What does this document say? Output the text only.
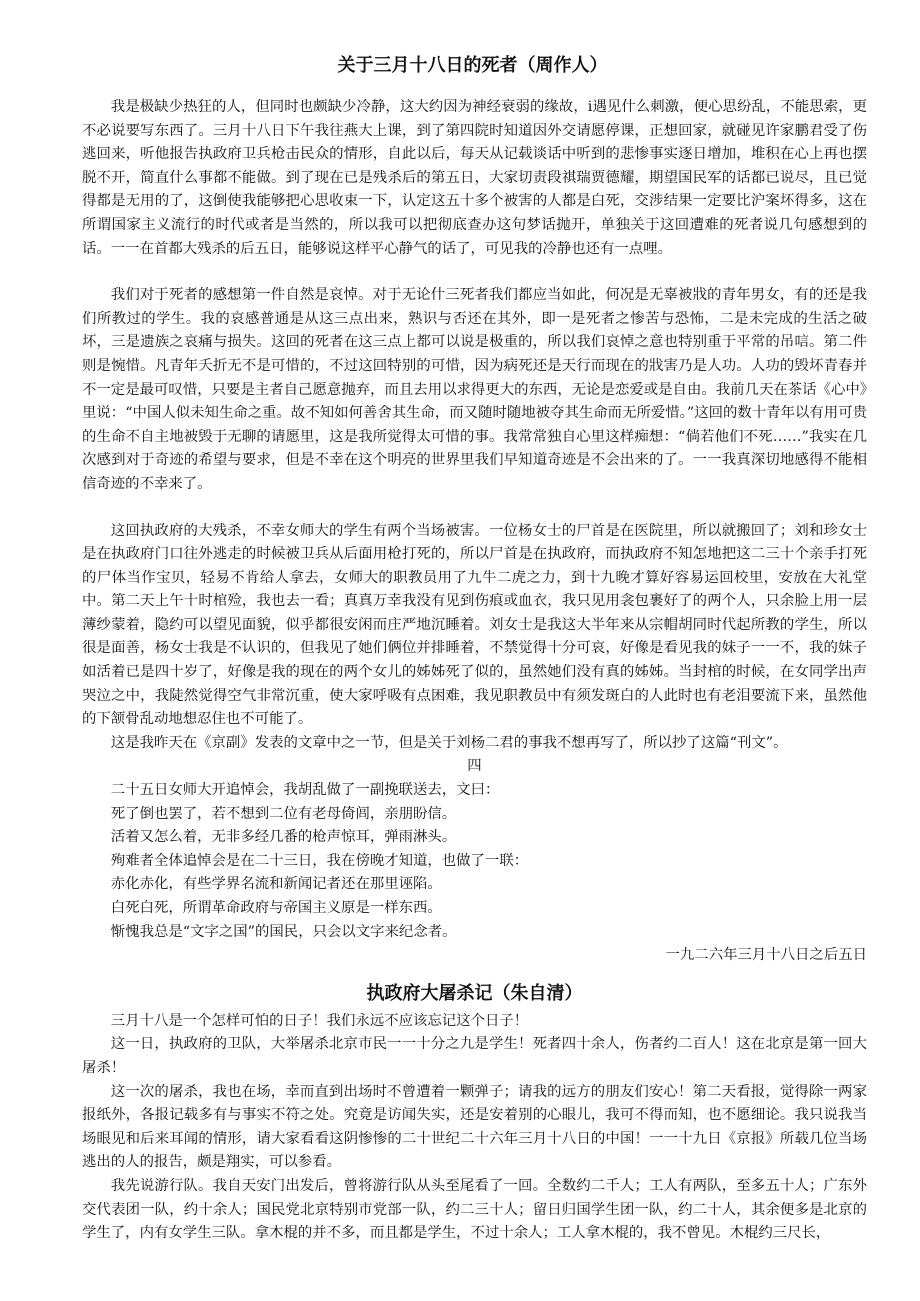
关于三月十八日的死者（周作人）

我是极缺少热狂的人，但同时也颇缺少冷静，这大约因为神经衰弱的缘故，i遇见什么刺激，便心思纷乱，不能思索，更不必说要写东西了。三月十八日下午我往燕大上课，到了第四院时知道因外交请愿停课，正想回家，就碰见许家鹏君受了伤逃回来，听他报告执政府卫兵枪击民众的情形，自此以后，每天从记载谈话中听到的悲惨事实逐日增加，堆积在心上再也摆脱不开，简直什么事都不能做。到了现在已是残杀后的第五日，大家切责段祺瑞贾德耀，期望国民军的话都已说尽，且已觉得都是无用的了，这倒使我能够把心思收束一下，认定这五十多个被害的人都是白死，交涉结果一定要比沪案坏得多，这在所谓国家主义流行的时代或者是当然的，所以我可以把彻底查办这句梦话抛开，单独关于这回遭难的死者说几句感想到的话。一一在首都大残杀的后五日，能够说这样平心静气的话了，可见我的冷静也还有一点哩。

我们对于死者的感想第一件自然是哀悼。对于无论什三死者我们都应当如此，何况是无辜被戕的青年男女，有的还是我们所教过的学生。我的哀感普通是从这三点出来，熟识与否还在其外，即一是死者之惨苦与恐怖，二是未完成的生活之破坏，三是遗族之哀痛与损失。这回的死者在这三点上都可以说是极重的，所以我们哀悼之意也特别重于平常的吊唁。第二件则是惋惜。凡青年夭折无不是可惜的，不过这回特别的可惜，因为病死还是天行而现在的戕害乃是人功。人功的毁坏青春并不一定是最可叹惜，只要是主者自己愿意抛弃，而且去用以求得更大的东西，无论是恋爱或是自由。我前几天在茶话《心中》里说：“中国人似未知生命之重。故不知如何善舍其生命，而又随时随地被夺其生命而无所爱惜。”这回的数十青年以有用可贵的生命不自主地被毁于无聊的请愿里，这是我所觉得太可惜的事。我常常独自心里这样痴想：“倘若他们不死……”我实在几次感到对于奇迹的希望与要求，但是不幸在这个明亮的世界里我们早知道奇迹是不会出来的了。一一我真深切地感得不能相信奇迹的不幸来了。

这回执政府的大残杀，不幸女师大的学生有两个当场被害。一位杨女士的尸首是在医院里，所以就搬回了；刘和珍女士是在执政府门口往外逃走的时候被卫兵从后面用枪打死的，所以尸首是在执政府，而执政府不知怎地把这二三十个亲手打死的尸体当作宝贝，轻易不肯给人拿去，女师大的职教员用了九牛二虎之力，到十九晚才算好容易运回校里，安放在大礼堂中。第二天上午十时棺殓，我也去一看；真真万幸我没有见到伤痕或血衣，我只见用衾包裹好了的两个人，只余脸上用一层薄纱蒙着，隐约可以望见面貌，似乎都很安闲而庄严地沉睡着。刘女士是我这大半年来从宗帽胡同时代起所教的学生，所以很是面善，杨女士我是不认识的，但我见了她们俩位并排睡着，不禁觉得十分可哀，好像是看见我的妹子一一不，我的妹子如活着已是四十岁了，好像是我的现在的两个女儿的姊姊死了似的，虽然她们没有真的姊姊。当封棺的时候，在女同学出声哭泣之中，我陡然觉得空气非常沉重，使大家呼吸有点困难，我见职教员中有须发斑白的人此时也有老泪要流下来，虽然他的下颔骨乱动地想忍住也不可能了。

这是我昨天在《京副》发表的文章中之一节，但是关于刘杨二君的事我不想再写了，所以抄了这篇“刊文”。

四

二十五日女师大开追悼会，我胡乱做了一副挽联送去，文曰：

死了倒也罢了，若不想到二位有老母倚闾，亲朋盼信。

活着又怎么着，无非多经几番的枪声惊耳，弹雨淋头。

殉难者全体追悼会是在二十三日，我在傍晚才知道，也做了一联：

赤化赤化，有些学界名流和新闻记者还在那里诬陷。

白死白死，所谓革命政府与帝国主义原是一样东西。

惭愧我总是“文字之国”的国民，只会以文字来纪念者。

一九二六年三月十八日之后五日
执政府大屠杀记（朱自清）

三月十八是一个怎样可怕的日子！我们永远不应该忘记这个日子！

这一日，执政府的卫队，大举屠杀北京市民一一十分之九是学生！死者四十余人，伤者约二百人！这在北京是第一回大屠杀！

这一次的屠杀，我也在场，幸而直到出场时不曾遭着一颗弹子；请我的远方的朋友们安心！第二天看报，觉得除一两家报纸外，各报记载多有与事实不符之处。究竟是访闻失实，还是安着别的心眼儿，我可不得而知，也不愿细论。我只说我当场眼见和后来耳闻的情形，请大家看看这阴惨惨的二十世纪二十六年三月十八日的中国！一一十九日《京报》所载几位当场逃出的人的报告，颇是翔实，可以参看。

我先说游行队。我自天安门出发后，曾将游行队从头至尾看了一回。全数约二千人；工人有两队，至多五十人；广东外交代表团一队，约十余人；国民党北京特别市党部一队，约二三十人；留日归国学生团一队，约二十人，其余便多是北京的学生了，内有女学生三队。拿木棍的并不多，而且都是学生，不过十余人；工人拿木棍的，我不曾见。木棍约三尺长，
